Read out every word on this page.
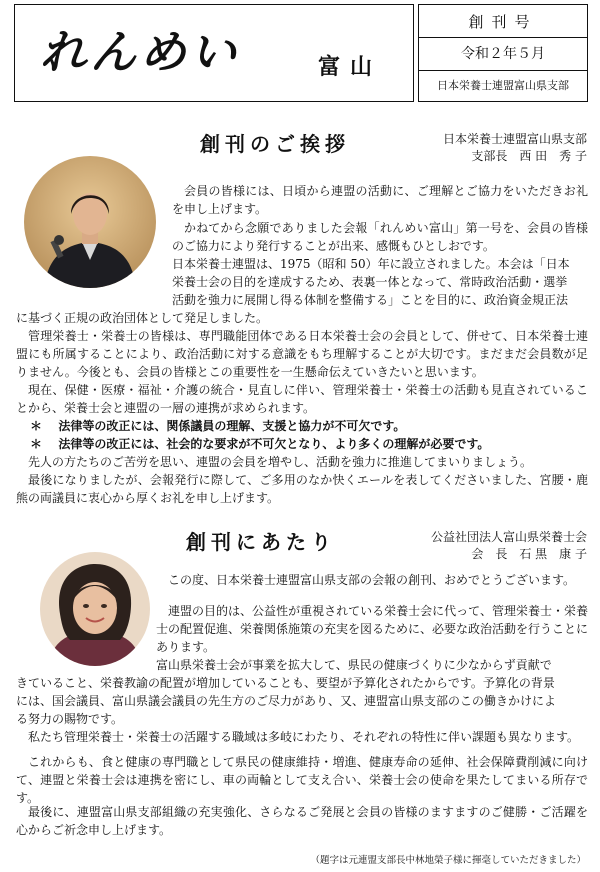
れんめい	富山
創刊号
令和２年５月
日本栄養士連盟富山県支部
創刊のご挨拶	日本栄養士連盟富山県支部
支部長　西 田　秀 子
会員の皆様には、日頃から連盟の活動に、ご理解とご協力をいただきお礼を申し上げます。
かねてから念願でありました会報「れんめい富山」第一号を、会員の皆様のご協力により発行することが出来、感慨もひとしおです。
日本栄養士連盟は、1975（昭和 50）年に設立されました。本会は「日本
栄養士会の目的を達成するため、表裏一体となって、常時政治活動・選挙
活動を強力に展開し得る体制を整備する」ことを目的に、政治資金規正法
に基づく正規の政治団体として発足しました。
管理栄養士・栄養士の皆様は、専門職能団体である日本栄養士会の会員として、併せて、日本栄養士連盟にも所属することにより、政治活動に対する意識をもち理解することが大切です。まだまだ会員数が足りません。今後とも、会員の皆様とこの重要性を一生懸命伝えていきたいと思います。
現在、保健・医療・福祉・介護の統合・見直しに伴い、管理栄養士・栄養士の活動も見直されていることから、栄養士会と連盟の一層の連携が求められます。
＊ 法律等の改正には、関係議員の理解、支援と協力が不可欠です。
＊ 法律等の改正には、社会的な要求が不可欠となり、より多くの理解が必要です。
先人の方たちのご苦労を思い、連盟の会員を増やし、活動を強力に推進してまいりましょう。
最後になりましたが、会報発行に際して、ご多用のなか快くエールを表してくださいました、宮腰・鹿熊の両議員に衷心から厚くお礼を申し上げます。
創刊にあたり	公益社団法人富山県栄養士会
会　長　石 黒　康 子
この度、日本栄養士連盟富山県支部の会報の創刊、おめでとうございます。
連盟の目的は、公益性が重視されている栄養士会に代って、管理栄養士・栄養士の配置促進、栄養関係施策の充実を図るために、必要な政治活動を行うことにあります。
富山県栄養士会が事業を拡大して、県民の健康づくりに少なからず貢献で
きていること、栄養教諭の配置が増加していることも、要望が予算化されたからです。予算化の背景
には、国会議員、富山県議会議員の先生方のご尽力があり、又、連盟富山県支部のこの働きかけによ
る努力の賜物です。
私たち管理栄養士・栄養士の活躍する職域は多岐にわたり、それぞれの特性に伴い課題も異なります。
これからも、食と健康の専門職として県民の健康維持・増進、健康寿命の延伸、社会保障費削減に向けて、連盟と栄養士会は連携を密にし、車の両輪として支え合い、栄養士会の使命を果たしてまいる所存です。
最後に、連盟富山県支部組織の充実強化、さらなるご発展と会員の皆様のますますのご健勝・ご活躍を心からご祈念申し上げます。
（題字は元連盟支部長中林地榮子様に揮毫していただきました）
